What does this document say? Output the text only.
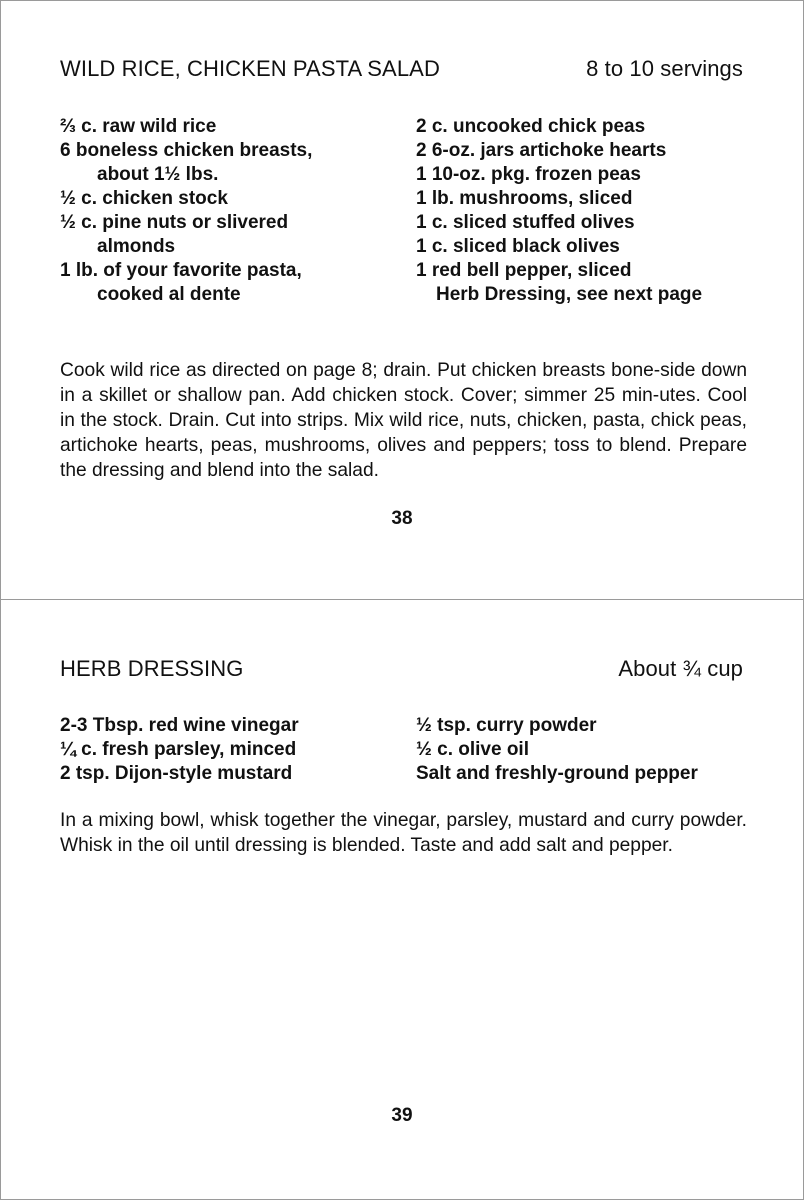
WILD RICE, CHICKEN PASTA SALAD	8 to 10 servings
⅔ c. raw wild rice
6 boneless chicken breasts,
about 1½ lbs.
½ c. chicken stock
½ c. pine nuts or slivered
almonds
1 lb. of your favorite pasta,
cooked al dente
2 c. uncooked chick peas
2 6-oz. jars artichoke hearts
1 10-oz. pkg. frozen peas
1 lb. mushrooms, sliced
1 c. sliced stuffed olives
1 c. sliced black olives
1 red bell pepper, sliced
Herb Dressing, see next page

Cook wild rice as directed on page 8; drain. Put chicken breasts bone-side down in a skillet or shallow pan. Add chicken stock. Cover; simmer 25 min-utes. Cool in the stock. Drain. Cut into strips. Mix wild rice, nuts, chicken, pasta, chick peas, artichoke hearts, peas, mushrooms, olives and peppers; toss to blend. Prepare the dressing and blend into the salad.

38
HERB DRESSING	About ¾ cup
2-3 Tbsp. red wine vinegar
¼ c. fresh parsley, minced
2 tsp. Dijon-style mustard
½ tsp. curry powder
½ c. olive oil
Salt and freshly-ground pepper

In a mixing bowl, whisk together the vinegar, parsley, mustard and curry powder. Whisk in the oil until dressing is blended. Taste and add salt and pepper.

39
